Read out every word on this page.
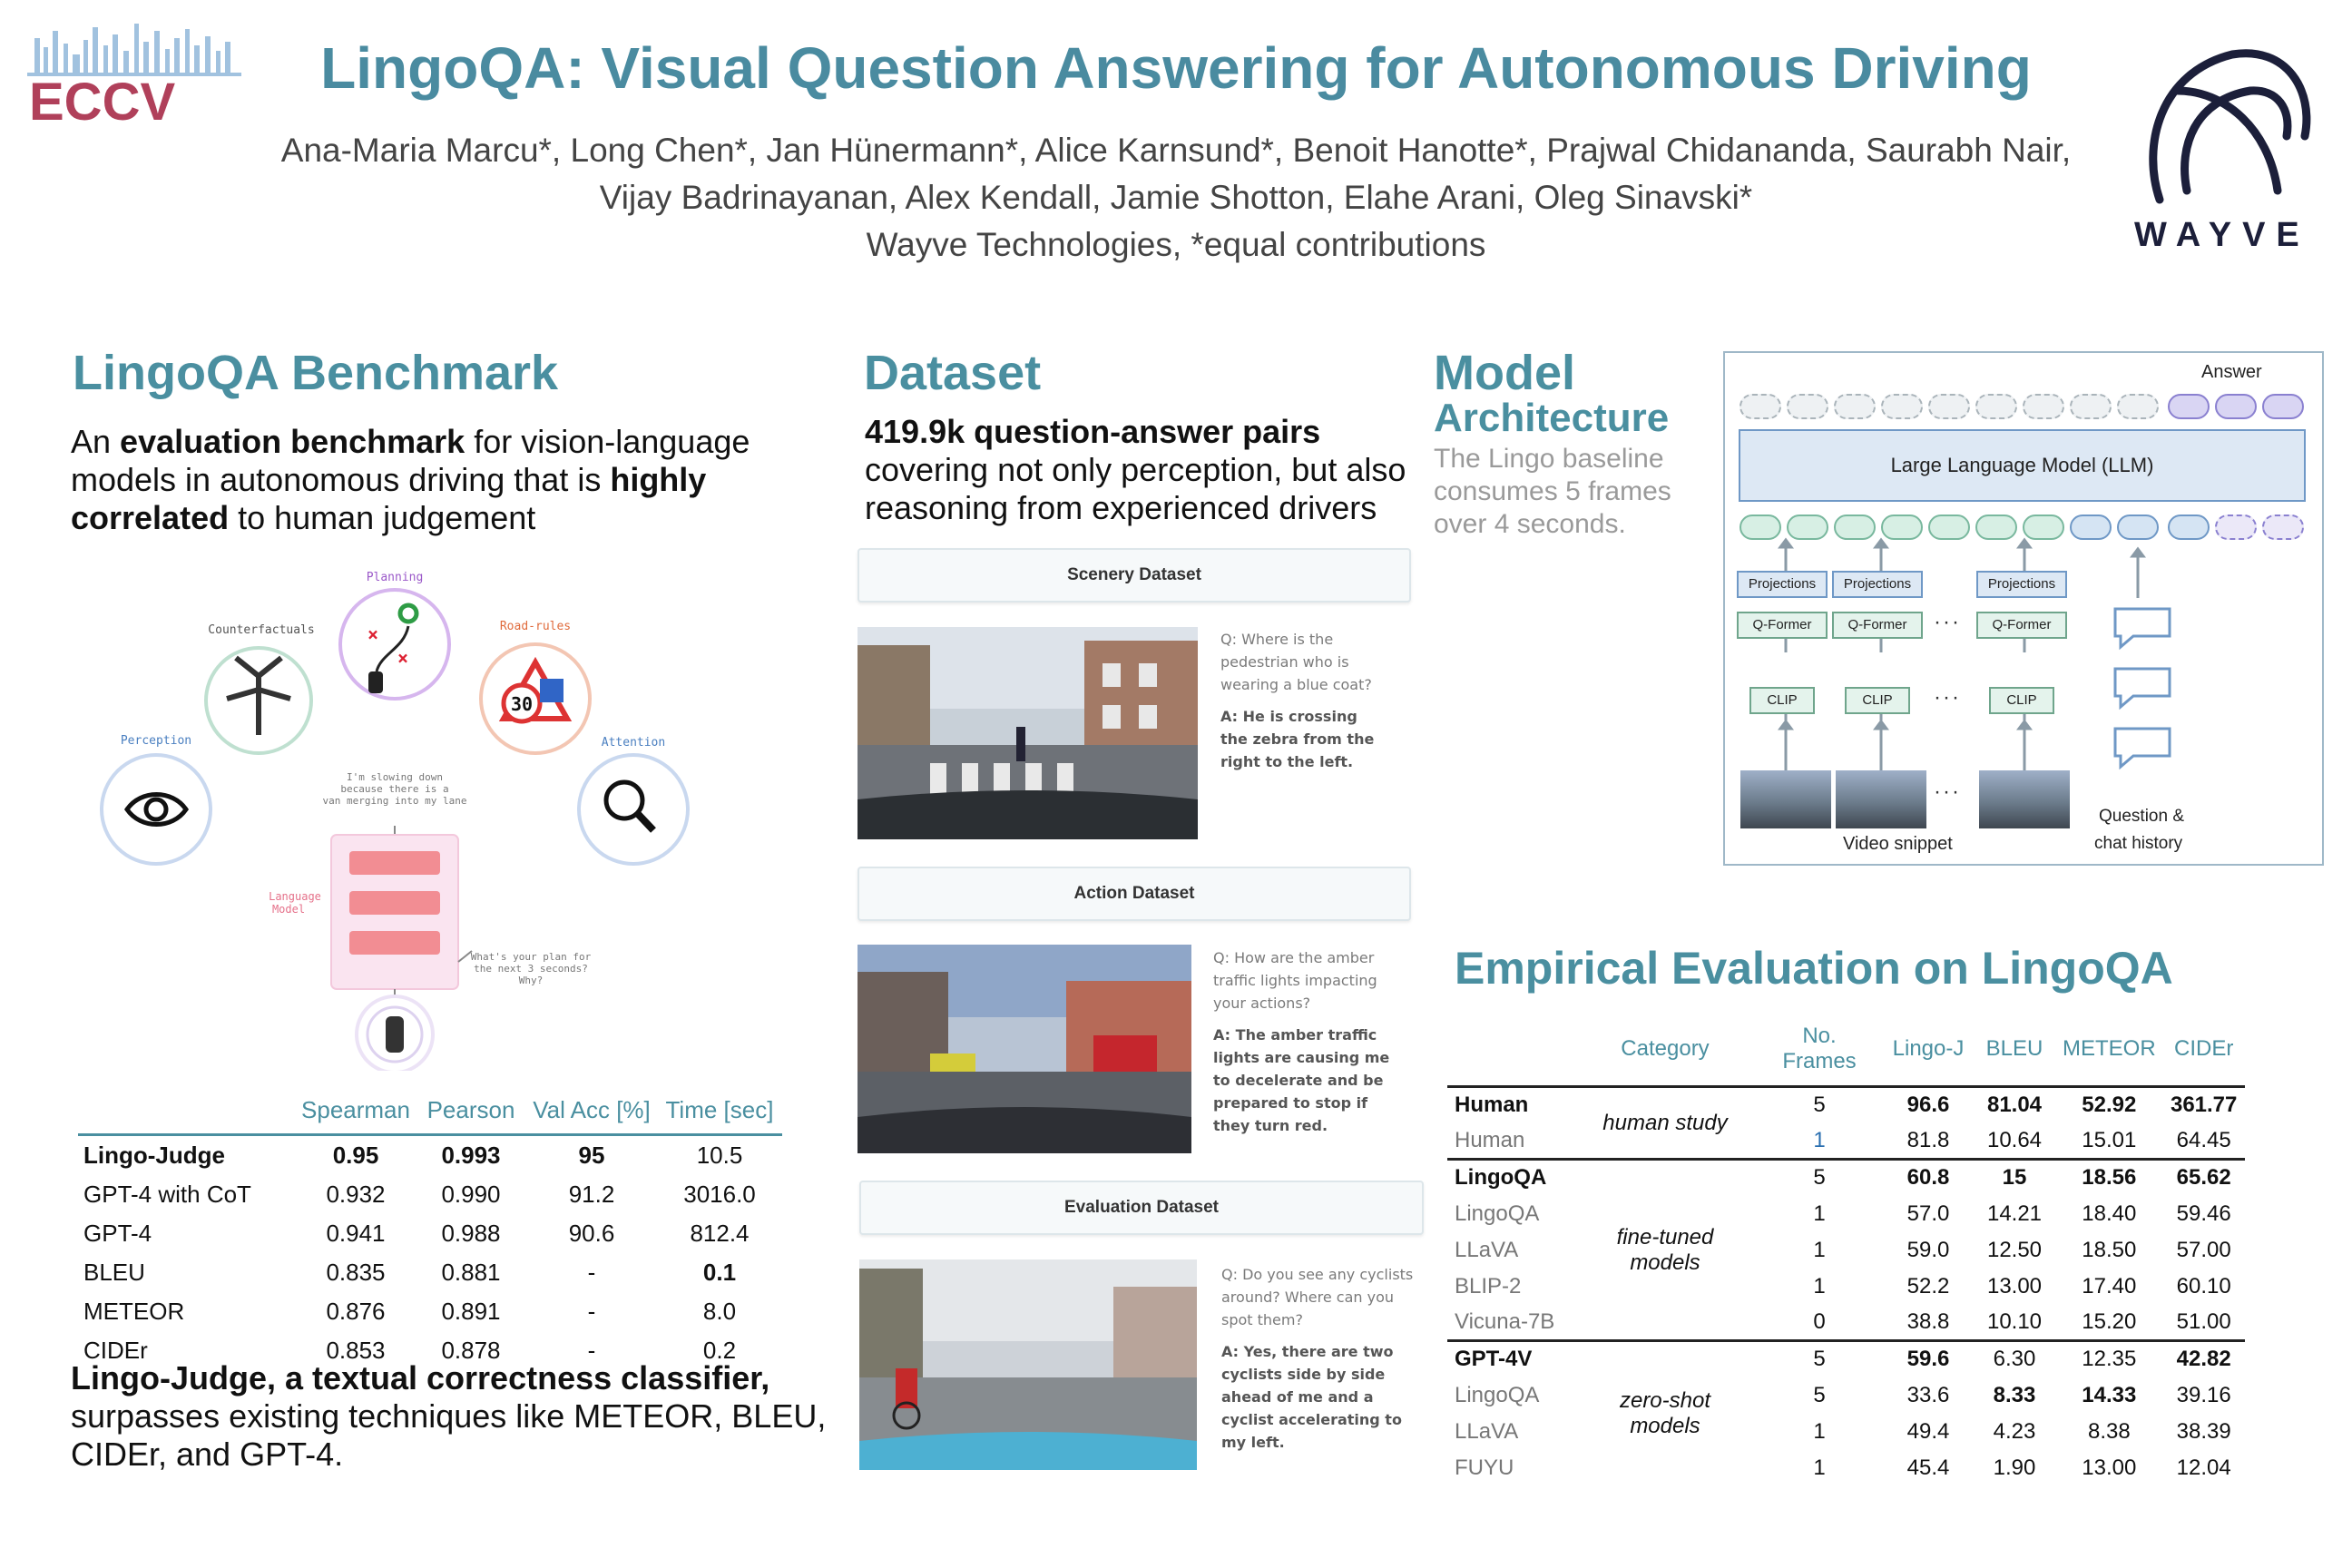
ECCV
LingoQA: Visual Question Answering for Autonomous Driving
Ana-Maria Marcu*, Long Chen*, Jan Hünermann*, Alice Karnsund*, Benoit Hanotte*, Prajwal Chidananda, Saurabh Nair,
Vijay Badrinayanan, Alex Kendall, Jamie Shotton, Elahe Arani, Oleg Sinavski*
Wayve Technologies, *equal contributions	WAYVE
LingoQA Benchmark
An evaluation benchmark for vision-language models in autonomous driving that is highly correlated to human judgement
Planning
Counterfactuals	Road-rules
Perception	Attention
×
×
30
I'm slowing down because there is a van merging into my lane
Language Model
What's your plan for the next 3 seconds? Why?
	Spearman	Pearson	Val Acc [%]	Time [sec]
Lingo-Judge	0.95	0.993	95	10.5
GPT-4 with CoT	0.932	0.990	91.2	3016.0
GPT-4	0.941	0.988	90.6	812.4
BLEU	0.835	0.881	-	0.1
METEOR	0.876	0.891	-	8.0
CIDEr	0.853	0.878	-	0.2
Lingo-Judge, a textual correctness classifier,
surpasses existing techniques like METEOR, BLEU, CIDEr, and GPT-4.
Dataset
419.9k question-answer pairs
covering not only perception, but also reasoning from experienced drivers
Scenery Dataset
Q: Where is the pedestrian who is wearing a blue coat?
A: He is crossing the zebra from the right to the left.
Action Dataset
Q: How are the amber traffic lights impacting your actions?
A: The amber traffic lights are causing me to decelerate and be prepared to stop if they turn red.
Evaluation Dataset
Q: Do you see any cyclists around? Where can you spot them?
A: Yes, there are two cyclists side by side ahead of me and a cyclist accelerating to my left.
Model
Architecture
The Lingo baseline consumes 5 frames over 4 seconds.
Answer
Large Language Model (LLM)
Projections	Projections	Projections
Q-Former	Q-Former	···	Q-Former
CLIP	CLIP	···	CLIP
···
Video snippet
Question &
chat history
Empirical Evaluation on LingoQA
	Category	No. Frames	Lingo-J	BLEU	METEOR	CIDEr
Human	human study	5	96.6	81.04	52.92	361.77
Human		1	81.8	10.64	15.01	64.45
LingoQA	fine-tuned models	5	60.8	15	18.56	65.62
LingoQA		1	57.0	14.21	18.40	59.46
LLaVA		1	59.0	12.50	18.50	57.00
BLIP-2		1	52.2	13.00	17.40	60.10
Vicuna-7B		0	38.8	10.10	15.20	51.00
GPT-4V	zero-shot models	5	59.6	6.30	12.35	42.82
LingoQA		5	33.6	8.33	14.33	39.16
LLaVA		1	49.4	4.23	8.38	38.39
FUYU		1	45.4	1.90	13.00	12.04
